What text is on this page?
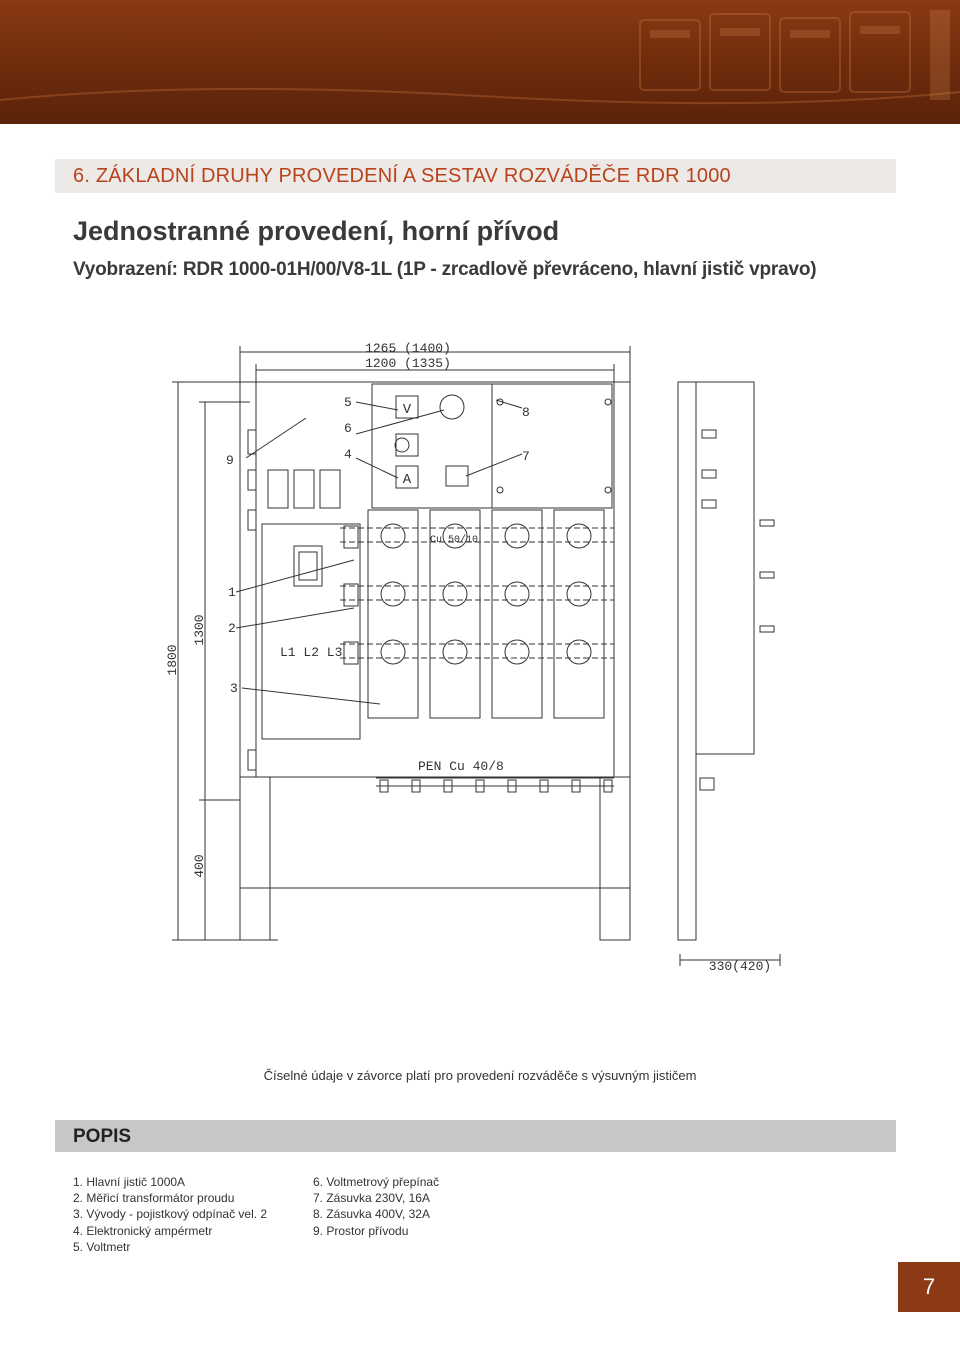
6. ZÁKLADNÍ DRUHY PROVEDENÍ A SESTAV ROZVÁDĚČE RDR 1000
Jednostranné provedení, horní přívod
Vyobrazení: RDR 1000-01H/00/V8-1L (1P - zrcadlově převráceno, hlavní jistič vpravo)
1265 (1400)
1200 (1335)
1800
1300
400
330(420)
Cu 50/10
PEN Cu 40/8
L1 L2 L3
V
A
1
2
3
4
5
6
7
8
9
Číselné údaje v závorce platí pro provedení rozváděče s výsuvným jističem
POPIS
1. Hlavní jistič 1000A
2. Měřicí transformátor proudu
3. Vývody - pojistkový odpínač vel. 2
4. Elektronický ampérmetr
5. Voltmetr
6. Voltmetrový přepínač
7. Zásuvka 230V, 16A
8. Zásuvka 400V, 32A
9. Prostor přívodu
7
